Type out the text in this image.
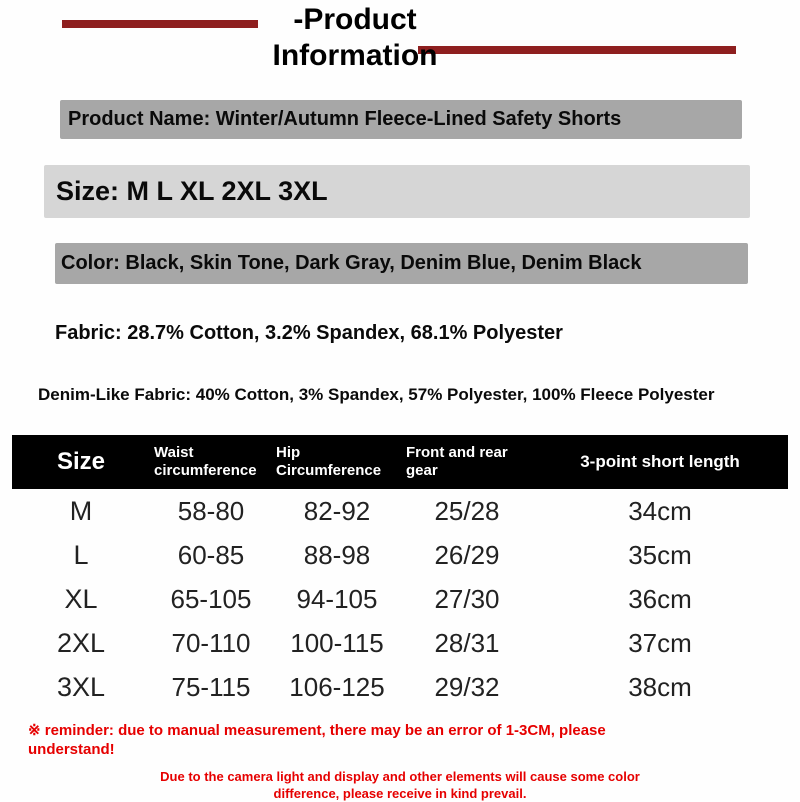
-Product
Information
Product Name: Winter/Autumn Fleece-Lined Safety Shorts
Size: M L XL 2XL 3XL
Color: Black, Skin Tone, Dark Gray, Denim Blue, Denim Black
Fabric: 28.7% Cotton, 3.2% Spandex, 68.1% Polyester
Denim-Like Fabric: 40% Cotton, 3% Spandex, 57% Polyester, 100% Fleece Polyester
Size	Waist circumference	Hip Circumference	Front and rear gear	3-point short length
M	58-80	82-92	25/28	34cm
L	60-85	88-98	26/29	35cm
XL	65-105	94-105	27/30	36cm
2XL	70-110	100-115	28/31	37cm
3XL	75-115	106-125	29/32	38cm
※ reminder: due to manual measurement, there may be an error of 1-3CM, please understand!
Due to the camera light and display and other elements will cause some color difference, please receive in kind prevail.
